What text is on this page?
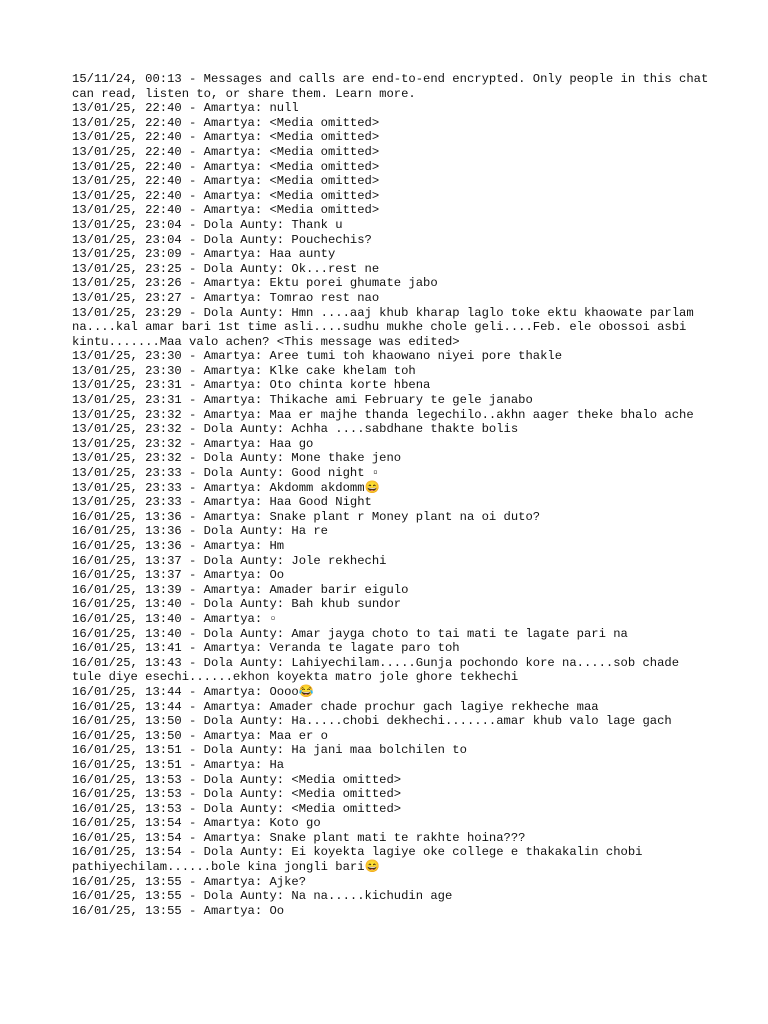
15/11/24, 00:13 - Messages and calls are end-to-end encrypted. Only people in this chat can read, listen to, or share them. Learn more.
13/01/25, 22:40 - Amartya: null
13/01/25, 22:40 - Amartya: <Media omitted>
13/01/25, 22:40 - Amartya: <Media omitted>
13/01/25, 22:40 - Amartya: <Media omitted>
13/01/25, 22:40 - Amartya: <Media omitted>
13/01/25, 22:40 - Amartya: <Media omitted>
13/01/25, 22:40 - Amartya: <Media omitted>
13/01/25, 22:40 - Amartya: <Media omitted>
13/01/25, 23:04 - Dola Aunty: Thank u
13/01/25, 23:04 - Dola Aunty: Pouchechis?
13/01/25, 23:09 - Amartya: Haa aunty
13/01/25, 23:25 - Dola Aunty: Ok...rest ne
13/01/25, 23:26 - Amartya: Ektu porei ghumate jabo
13/01/25, 23:27 - Amartya: Tomrao rest nao
13/01/25, 23:29 - Dola Aunty: Hmn ....aaj khub kharap laglo toke ektu khaowate parlam na....kal amar bari 1st time asli....sudhu mukhe chole geli....Feb. ele obossoi asbi kintu.......Maa valo achen? <This message was edited>
13/01/25, 23:30 - Amartya: Aree tumi toh khaowano niyei pore thakle
13/01/25, 23:30 - Amartya: Klke cake khelam toh
13/01/25, 23:31 - Amartya: Oto chinta korte hbena
13/01/25, 23:31 - Amartya: Thikache ami February te gele janabo
13/01/25, 23:32 - Amartya: Maa er majhe thanda legechilo..akhn aager theke bhalo ache
13/01/25, 23:32 - Dola Aunty: Achha ....sabdhane thakte bolis
13/01/25, 23:32 - Amartya: Haa go
13/01/25, 23:32 - Dola Aunty: Mone thake jeno
13/01/25, 23:33 - Dola Aunty: Good night ▫
13/01/25, 23:33 - Amartya: Akdomm akdomm😄
13/01/25, 23:33 - Amartya: Haa Good Night
16/01/25, 13:36 - Amartya: Snake plant r Money plant na oi duto?
16/01/25, 13:36 - Dola Aunty: Ha re
16/01/25, 13:36 - Amartya: Hm
16/01/25, 13:37 - Dola Aunty: Jole rekhechi
16/01/25, 13:37 - Amartya: Oo
16/01/25, 13:39 - Amartya: Amader barir eigulo
16/01/25, 13:40 - Dola Aunty: Bah khub sundor
16/01/25, 13:40 - Amartya: ▫
16/01/25, 13:40 - Dola Aunty: Amar jayga choto to tai mati te lagate pari na
16/01/25, 13:41 - Amartya: Veranda te lagate paro toh
16/01/25, 13:43 - Dola Aunty: Lahiyechilam.....Gunja pochondo kore na.....sob chade tule diye esechi......ekhon koyekta matro jole ghore tekhechi
16/01/25, 13:44 - Amartya: Oooo😂
16/01/25, 13:44 - Amartya: Amader chade prochur gach lagiye rekheche maa
16/01/25, 13:50 - Dola Aunty: Ha.....chobi dekhechi.......amar khub valo lage gach
16/01/25, 13:50 - Amartya: Maa er o
16/01/25, 13:51 - Dola Aunty: Ha jani maa bolchilen to
16/01/25, 13:51 - Amartya: Ha
16/01/25, 13:53 - Dola Aunty: <Media omitted>
16/01/25, 13:53 - Dola Aunty: <Media omitted>
16/01/25, 13:53 - Dola Aunty: <Media omitted>
16/01/25, 13:54 - Amartya: Koto go
16/01/25, 13:54 - Amartya: Snake plant mati te rakhte hoina???
16/01/25, 13:54 - Dola Aunty: Ei koyekta lagiye oke college e thakakalin chobi pathiyechilam......bole kina jongli bari😄
16/01/25, 13:55 - Amartya: Ajke?
16/01/25, 13:55 - Dola Aunty: Na na.....kichudin age
16/01/25, 13:55 - Amartya: Oo
